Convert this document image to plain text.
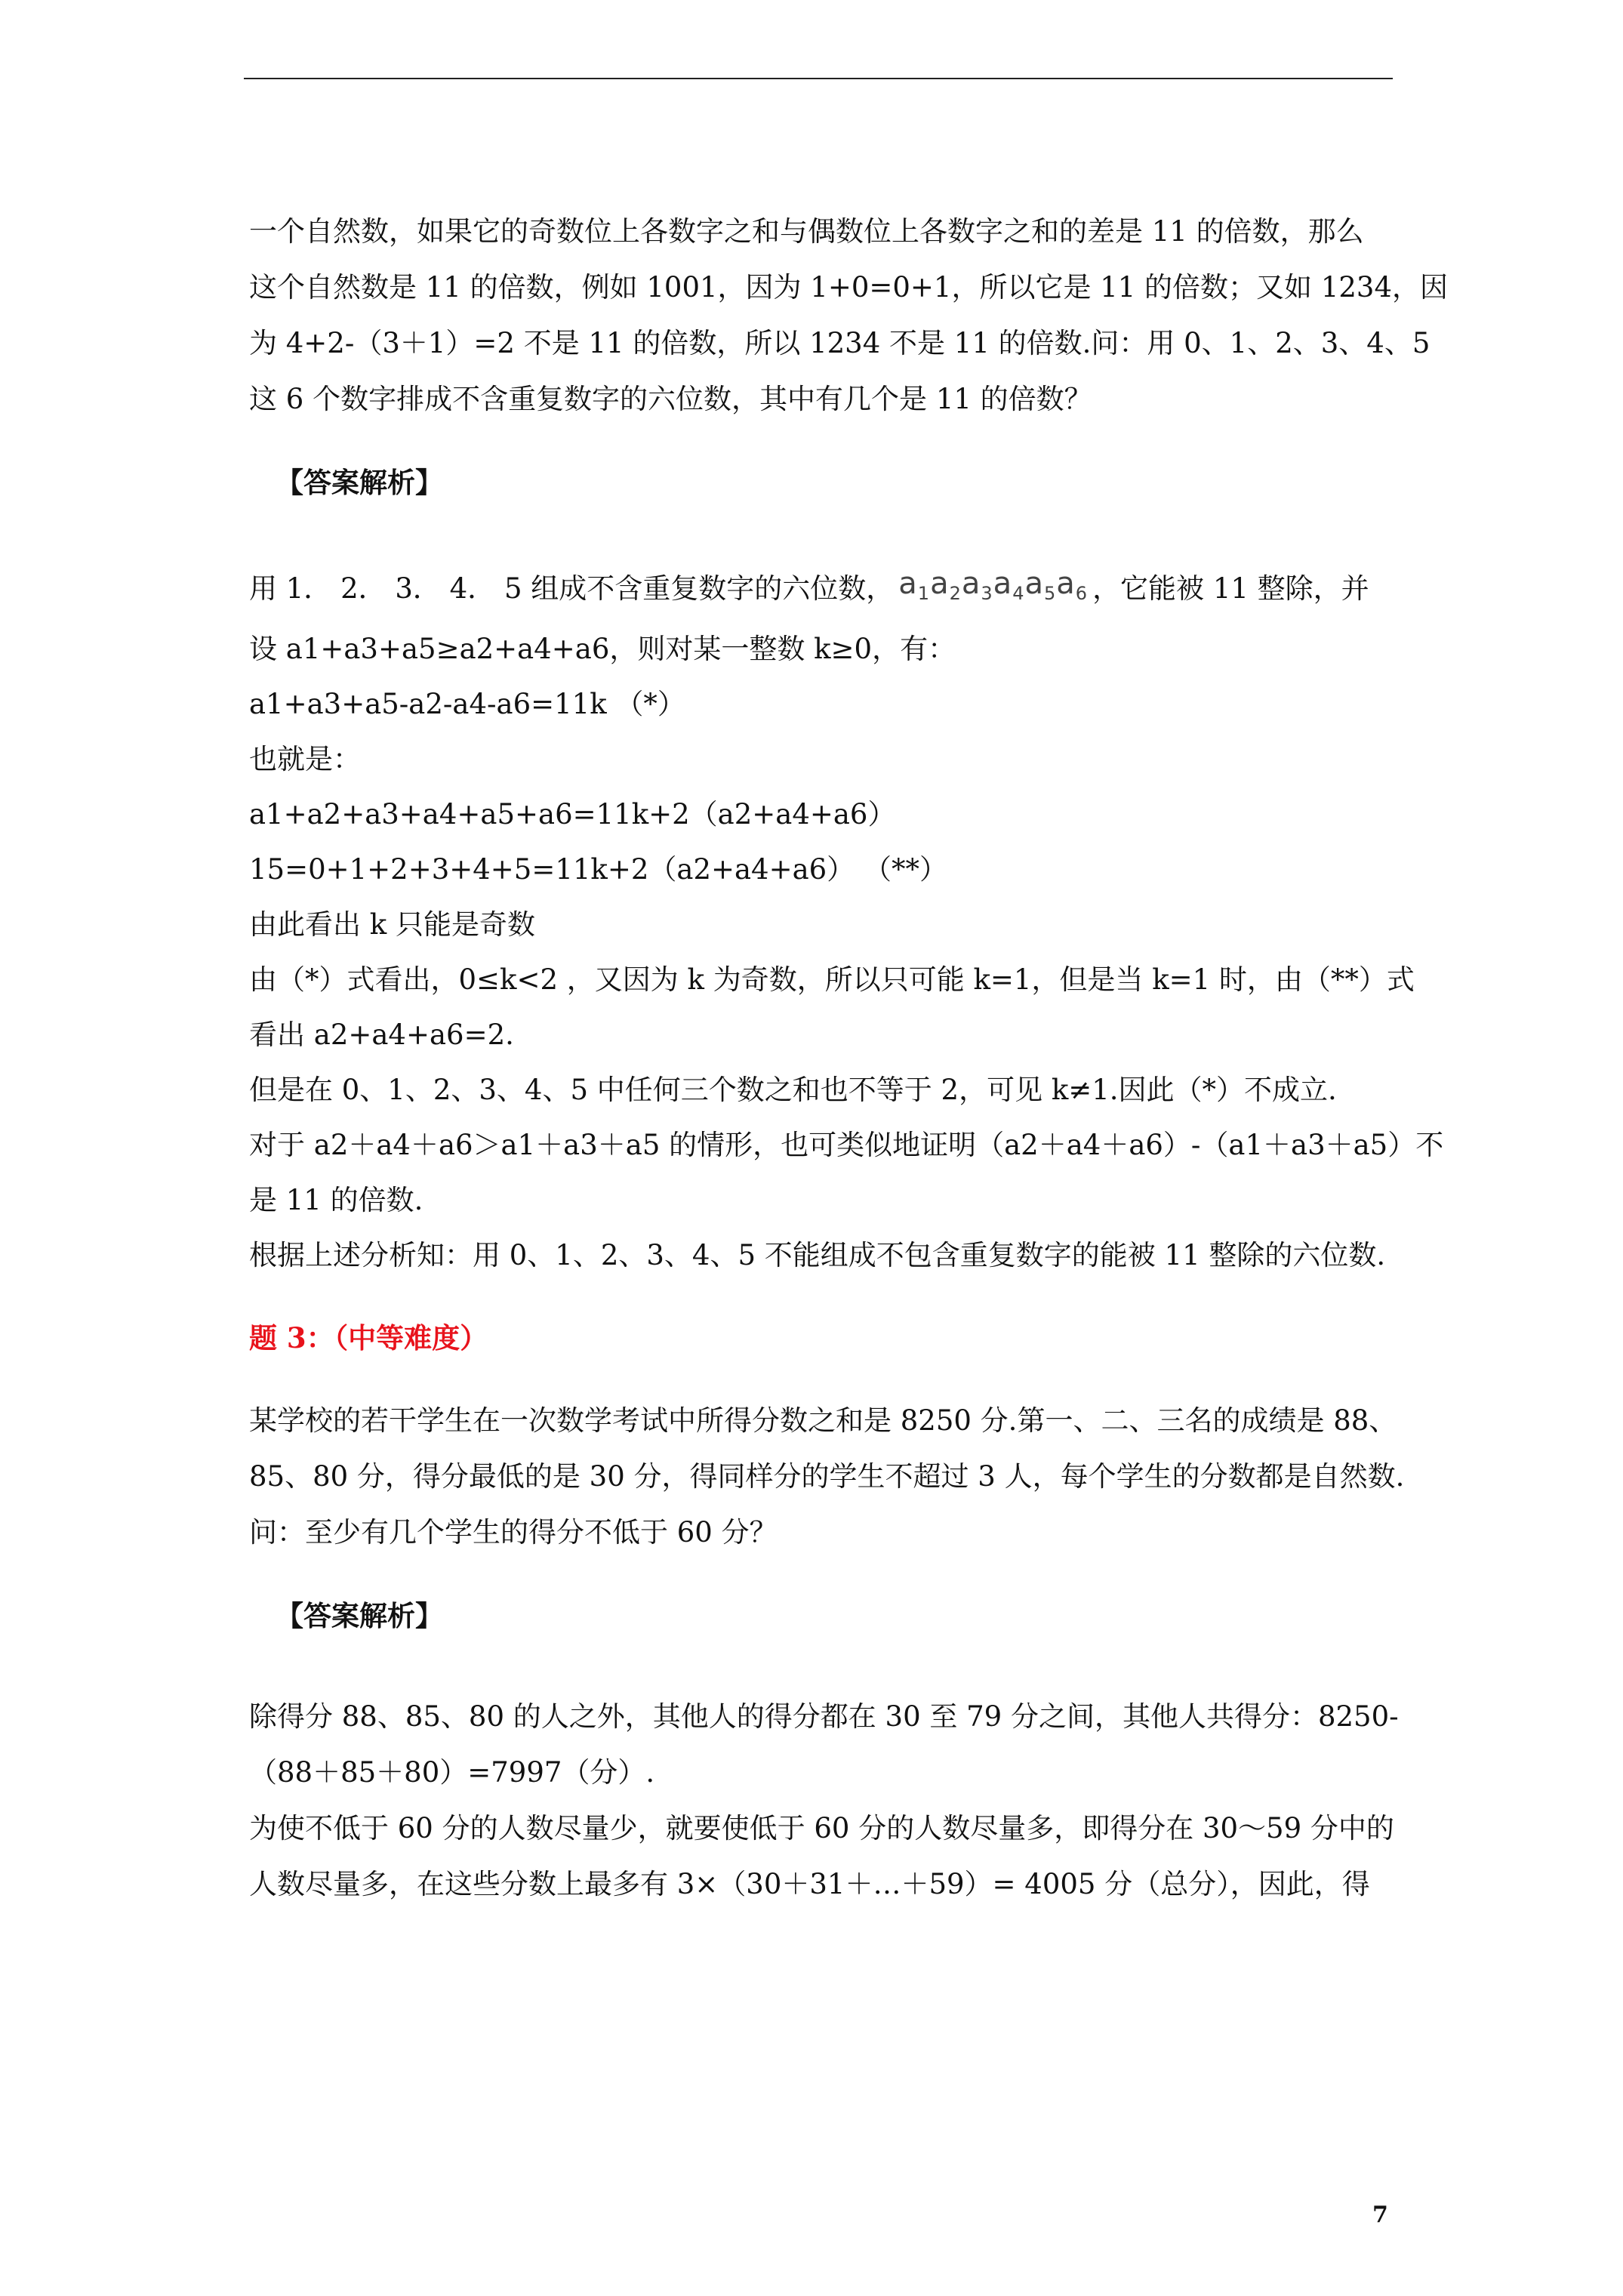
一个自然数，如果它的奇数位上各数字之和与偶数位上各数字之和的差是 11 的倍数，那么

这个自然数是 11 的倍数，例如 1001，因为 1+0=0+1，所以它是 11 的倍数；又如 1234，因

为 4+2-（3＋1）=2 不是 11 的倍数，所以 1234 不是 11 的倍数.问：用 0、1、2、3、4、5

这 6 个数字排成不含重复数字的六位数，其中有几个是 11 的倍数？

【答案解析】

用 1． 2． 3． 4． 5 组成不含重复数字的六位数， $a_1a_2a_3a_4a_5a_6$ ，它能被 11 整除，并

设 a1+a3+a5≥a2+a4+a6，则对某一整数 k≥0，有：

a1+a3+a5-a2-a4-a6=11k （*）

也就是：

a1+a2+a3+a4+a5+a6=11k+2（a2+a4+a6）

15=0+1+2+3+4+5=11k+2（a2+a4+a6） （**）

由此看出 k 只能是奇数

由（*）式看出，0≤k<2 ，又因为 k 为奇数，所以只可能 k=1，但是当 k=1 时，由（**）式

看出 a2+a4+a6=2.

但是在 0、1、2、3、4、5 中任何三个数之和也不等于 2，可见 k≠1.因此（*）不成立.

对于 a2＋a4＋a6＞a1＋a3＋a5 的情形，也可类似地证明（a2＋a4＋a6）-（a1＋a3＋a5）不

是 11 的倍数.

根据上述分析知：用 0、1、2、3、4、5 不能组成不包含重复数字的能被 11 整除的六位数.

题 3：（中等难度）

某学校的若干学生在一次数学考试中所得分数之和是 8250 分.第一、二、三名的成绩是 88、

85、80 分，得分最低的是 30 分，得同样分的学生不超过 3 人，每个学生的分数都是自然数.

问：至少有几个学生的得分不低于 60 分？

【答案解析】

除得分 88、85、80 的人之外，其他人的得分都在 30 至 79 分之间，其他人共得分：8250-

（88＋85＋80）=7997（分）.

为使不低于 60 分的人数尽量少，就要使低于 60 分的人数尽量多，即得分在 30～59 分中的

人数尽量多，在这些分数上最多有 3×（30＋31＋…＋59）= 4005 分（总分），因此，得

7
